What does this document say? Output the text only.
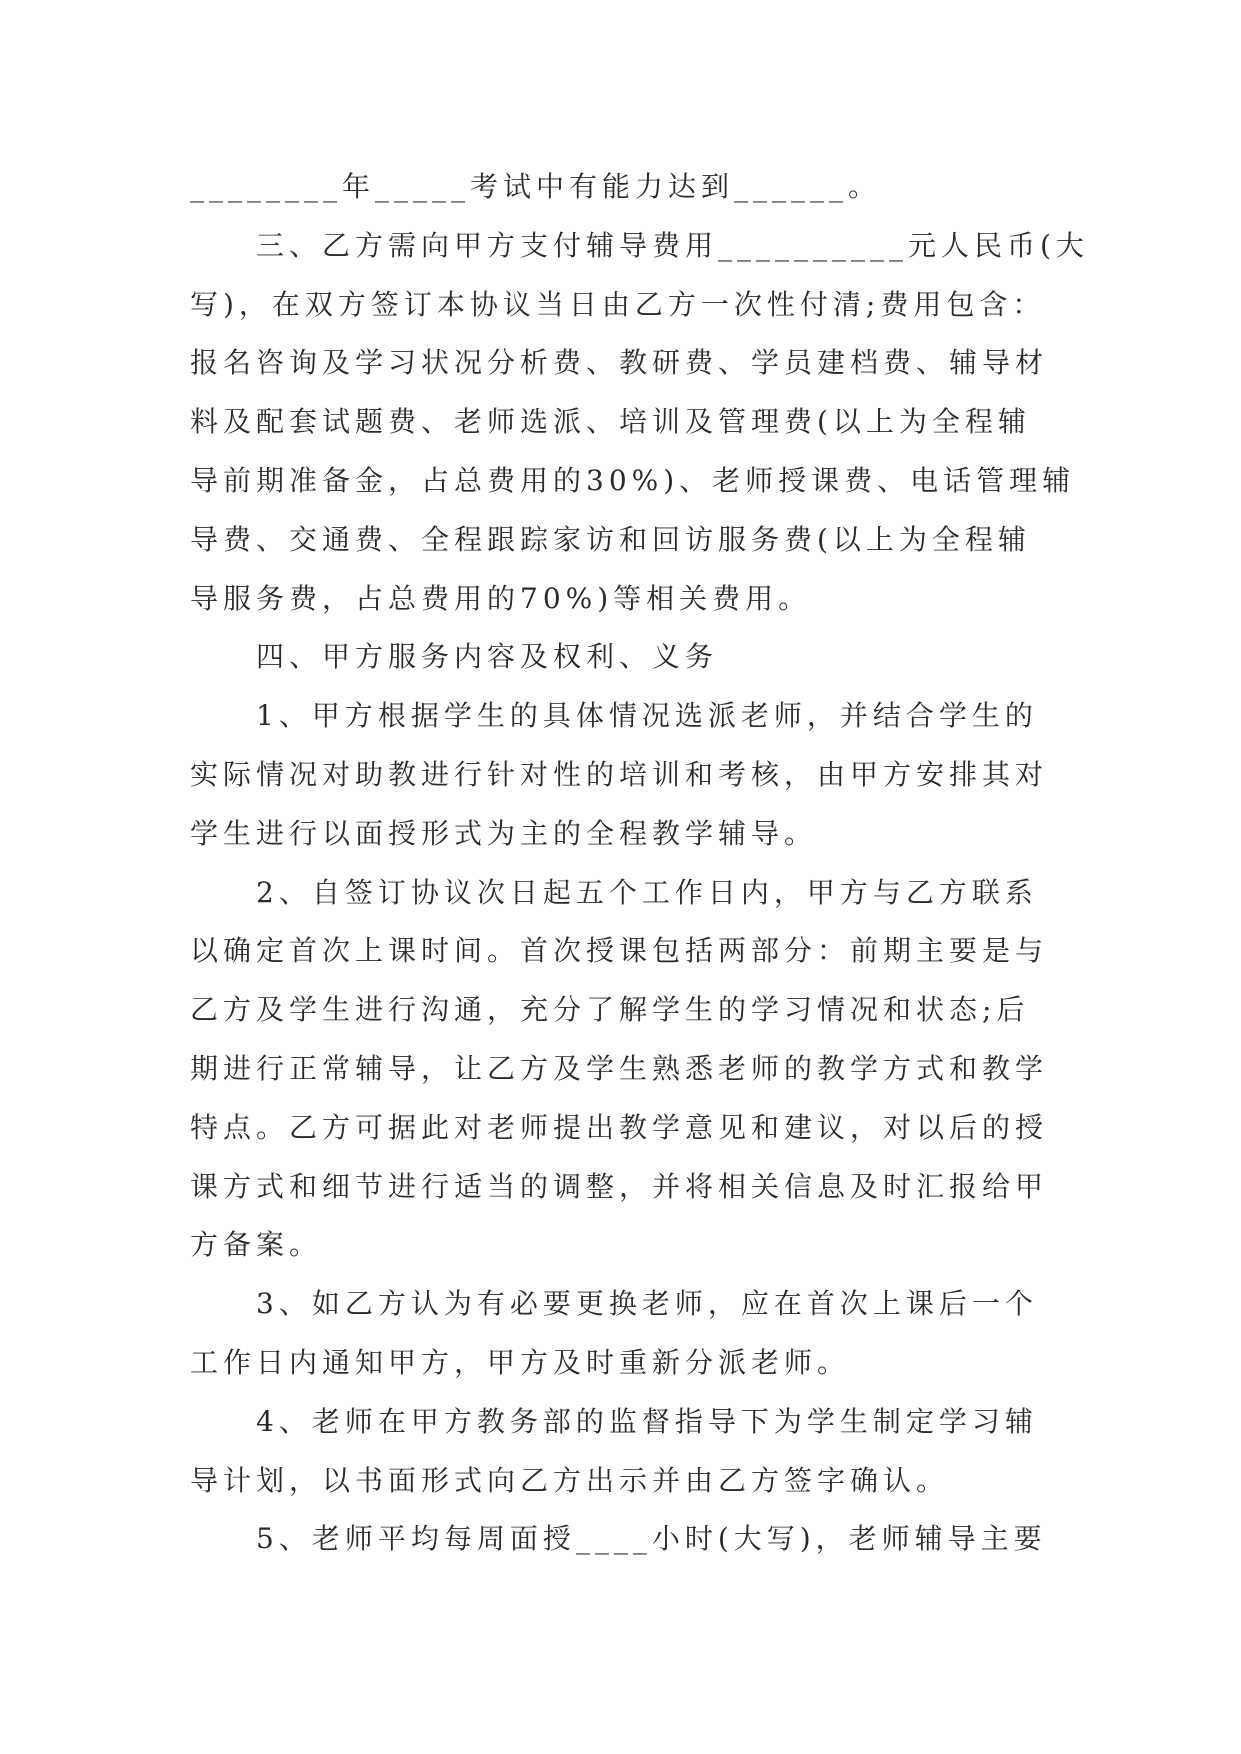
________年_____考试中有能力达到______。
三、乙方需向甲方支付辅导费用__________元人民币(大
写)，在双方签订本协议当日由乙方一次性付清;费用包含：
报名咨询及学习状况分析费、教研费、学员建档费、辅导材
料及配套试题费、老师选派、培训及管理费(以上为全程辅
导前期准备金，占总费用的30%)、老师授课费、电话管理辅
导费、交通费、全程跟踪家访和回访服务费(以上为全程辅
导服务费，占总费用的70%)等相关费用。
四、甲方服务内容及权利、义务
1、甲方根据学生的具体情况选派老师，并结合学生的
实际情况对助教进行针对性的培训和考核，由甲方安排其对
学生进行以面授形式为主的全程教学辅导。
2、自签订协议次日起五个工作日内，甲方与乙方联系
以确定首次上课时间。首次授课包括两部分：前期主要是与
乙方及学生进行沟通，充分了解学生的学习情况和状态;后
期进行正常辅导，让乙方及学生熟悉老师的教学方式和教学
特点。乙方可据此对老师提出教学意见和建议，对以后的授
课方式和细节进行适当的调整，并将相关信息及时汇报给甲
方备案。
3、如乙方认为有必要更换老师，应在首次上课后一个
工作日内通知甲方，甲方及时重新分派老师。
4、老师在甲方教务部的监督指导下为学生制定学习辅
导计划，以书面形式向乙方出示并由乙方签字确认。
5、老师平均每周面授____小时(大写)，老师辅导主要
